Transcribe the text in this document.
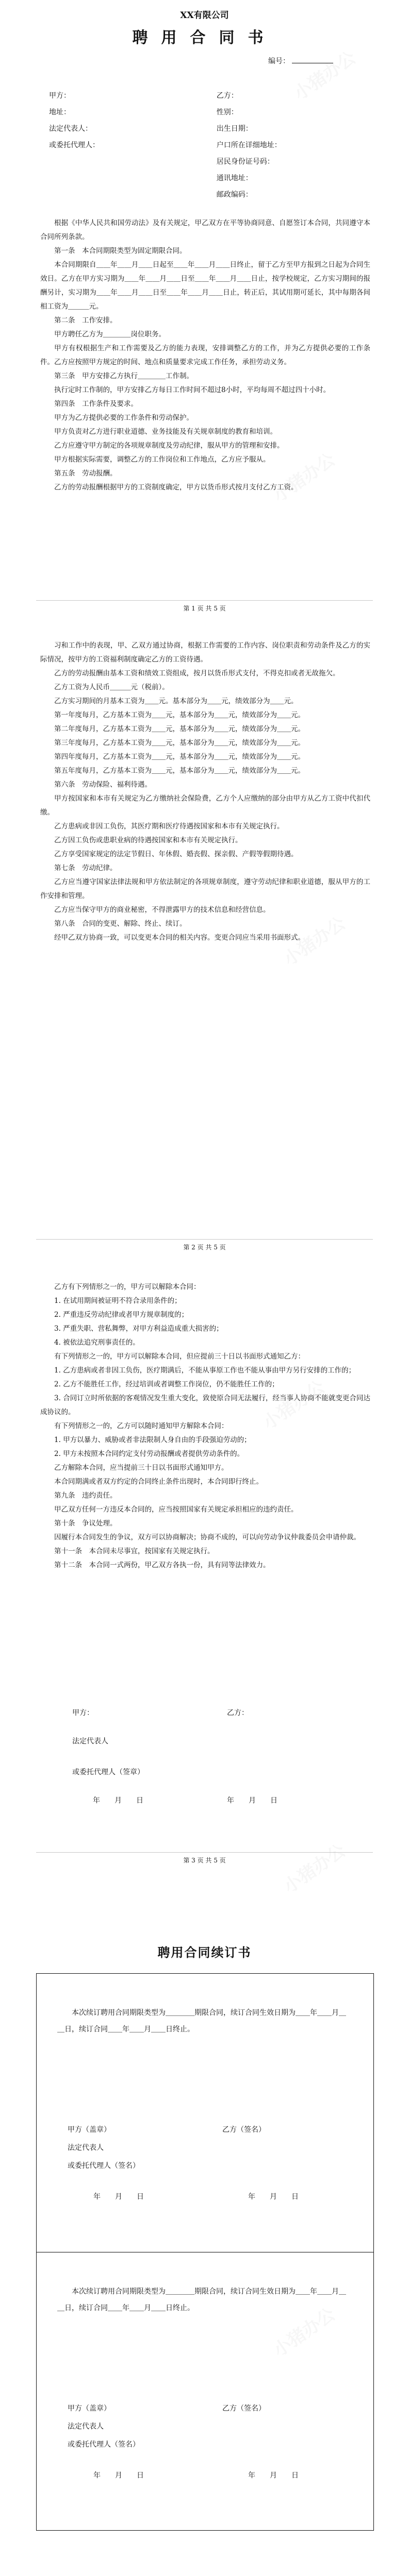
XX有限公司
聘用合同书
编号：
甲方：	乙方：
地址：	性别：
法定代表人：	出生日期：
或委托代理人：	户口所在详细地址：
居民身份证号码：
通讯地址：
邮政编码：

根据《中华人民共和国劳动法》及有关规定，甲乙双方在平等协商同意、自愿签订本合同，共同遵守本合同所列条款。

第一条　本合同期限类型为固定期限合同。

本合同期限自＿＿年＿＿月＿＿日起至＿＿年＿＿月＿＿日终止，留于乙方至甲方报到之日起为合同生效日。乙方在甲方实习期为＿＿年＿＿月＿＿日至＿＿年＿＿月＿＿日止，按学校规定，乙方实习期间的报酬另计，实习期为＿＿年＿＿月＿＿日至＿＿年＿＿月＿＿日止，转正后，其试用期可延长，其中每期各间相工资为＿＿＿元。

第二条　工作安排。

甲方聘任乙方为＿＿＿＿岗位职务。

甲方有权根据生产和工作需要及乙方的能力表现，安排调整乙方的工作，并为乙方提供必要的工作条件。乙方应按照甲方规定的时间、地点和质量要求完成工作任务，承担劳动义务。

第三条　甲方安排乙方执行＿＿＿＿工作制。

执行定时工作制的，甲方安排乙方每日工作时间不超过8小时，平均每周不超过四十小时。

第四条　工作条件及要求。

甲方为乙方提供必要的工作条件和劳动保护。

甲方负责对乙方进行职业道德、业务技能及有关规章制度的教育和培训。

乙方应遵守甲方制定的各项规章制度及劳动纪律，服从甲方的管理和安排。

甲方根据实际需要，调整乙方的工作岗位和工作地点，乙方应予服从。

第五条　劳动报酬。

乙方的劳动报酬根据甲方的工资制度确定，甲方以货币形式按月支付乙方工资。

第 1 页 共 5 页

习和工作中的表现，甲、乙双方通过协商，根据工作需要的工作内容、岗位职责和劳动条件及乙方的实际情况，按甲方的工资福利制度确定乙方的工资待遇。

乙方的劳动报酬由基本工资和绩效工资组成，按月以货币形式支付，不得克扣或者无故拖欠。

乙方工资为人民币＿＿＿元（税前）。

乙方实习期间的月基本工资为＿＿元。基本部分为＿＿元，绩效部分为＿＿元。

第一年度每月，乙方基本工资为＿＿元，基本部分为＿＿元，绩效部分为＿＿元。

第二年度每月，乙方基本工资为＿＿元，基本部分为＿＿元，绩效部分为＿＿元。

第三年度每月，乙方基本工资为＿＿元，基本部分为＿＿元，绩效部分为＿＿元。

第四年度每月，乙方基本工资为＿＿元，基本部分为＿＿元，绩效部分为＿＿元。

第五年度每月，乙方基本工资为＿＿元，基本部分为＿＿元，绩效部分为＿＿元。

第六条　劳动保险、福利待遇。

甲方按国家和本市有关规定为乙方缴纳社会保险费，乙方个人应缴纳的部分由甲方从乙方工资中代扣代缴。

乙方患病或非因工负伤，其医疗期和医疗待遇按国家和本市有关规定执行。

乙方因工负伤或患职业病的待遇按国家和本市有关规定执行。

乙方享受国家规定的法定节假日、年休假、婚丧假、探亲假、产假等假期待遇。

第七条　劳动纪律。

乙方应当遵守国家法律法规和甲方依法制定的各项规章制度，遵守劳动纪律和职业道德，服从甲方的工作安排和管理。

乙方应当保守甲方的商业秘密，不得泄露甲方的技术信息和经营信息。

第八条　合同的变更、解除、终止、续订。

经甲乙双方协商一致，可以变更本合同的相关内容。变更合同应当采用书面形式。

第 2 页 共 5 页

乙方有下列情形之一的，甲方可以解除本合同：

1. 在试用期间被证明不符合录用条件的；

2. 严重违反劳动纪律或者甲方规章制度的；

3. 严重失职、营私舞弊，对甲方利益造成重大损害的；

4. 被依法追究刑事责任的。

有下列情形之一的，甲方可以解除本合同，但应提前三十日以书面形式通知乙方：

1. 乙方患病或者非因工负伤，医疗期满后，不能从事原工作也不能从事由甲方另行安排的工作的；

2. 乙方不能胜任工作，经过培训或者调整工作岗位，仍不能胜任工作的；

3. 合同订立时所依据的客观情况发生重大变化，致使原合同无法履行，经当事人协商不能就变更合同达成协议的。

有下列情形之一的，乙方可以随时通知甲方解除本合同：

1. 甲方以暴力、威胁或者非法限制人身自由的手段强迫劳动的；

2. 甲方未按照本合同约定支付劳动报酬或者提供劳动条件的。

乙方解除本合同，应当提前三十日以书面形式通知甲方。

本合同期满或者双方约定的合同终止条件出现时，本合同即行终止。

第九条　违约责任。

甲乙双方任何一方违反本合同的，应当按照国家有关规定承担相应的违约责任。

第十条　争议处理。

因履行本合同发生的争议，双方可以协商解决；协商不成的，可以向劳动争议仲裁委员会申请仲裁。

第十一条　本合同未尽事宜，按国家有关规定执行。

第十二条　本合同一式两份，甲乙双方各执一份，具有同等法律效力。

甲方：	乙方：
法定代表人
或委托代理人（签章）
年　　月　　日	年　　月　　日
第 3 页 共 5 页
聘用合同续订书
本次续订聘用合同期限类型为＿＿＿＿期限合同，续订合同生效日期为＿＿年＿＿月＿＿日，续订合同＿＿年＿＿月＿＿日终止。
甲方（盖章）	乙方（签名）
法定代表人
或委托代理人（签名）
年　　月　　日	年　　月　　日
本次续订聘用合同期限类型为＿＿＿＿期限合同，续订合同生效日期为＿＿年＿＿月＿＿日，续订合同＿＿年＿＿月＿＿日终止。
甲方（盖章）	乙方（签名）
法定代表人
或委托代理人（签名）
年　　月　　日	年　　月　　日
